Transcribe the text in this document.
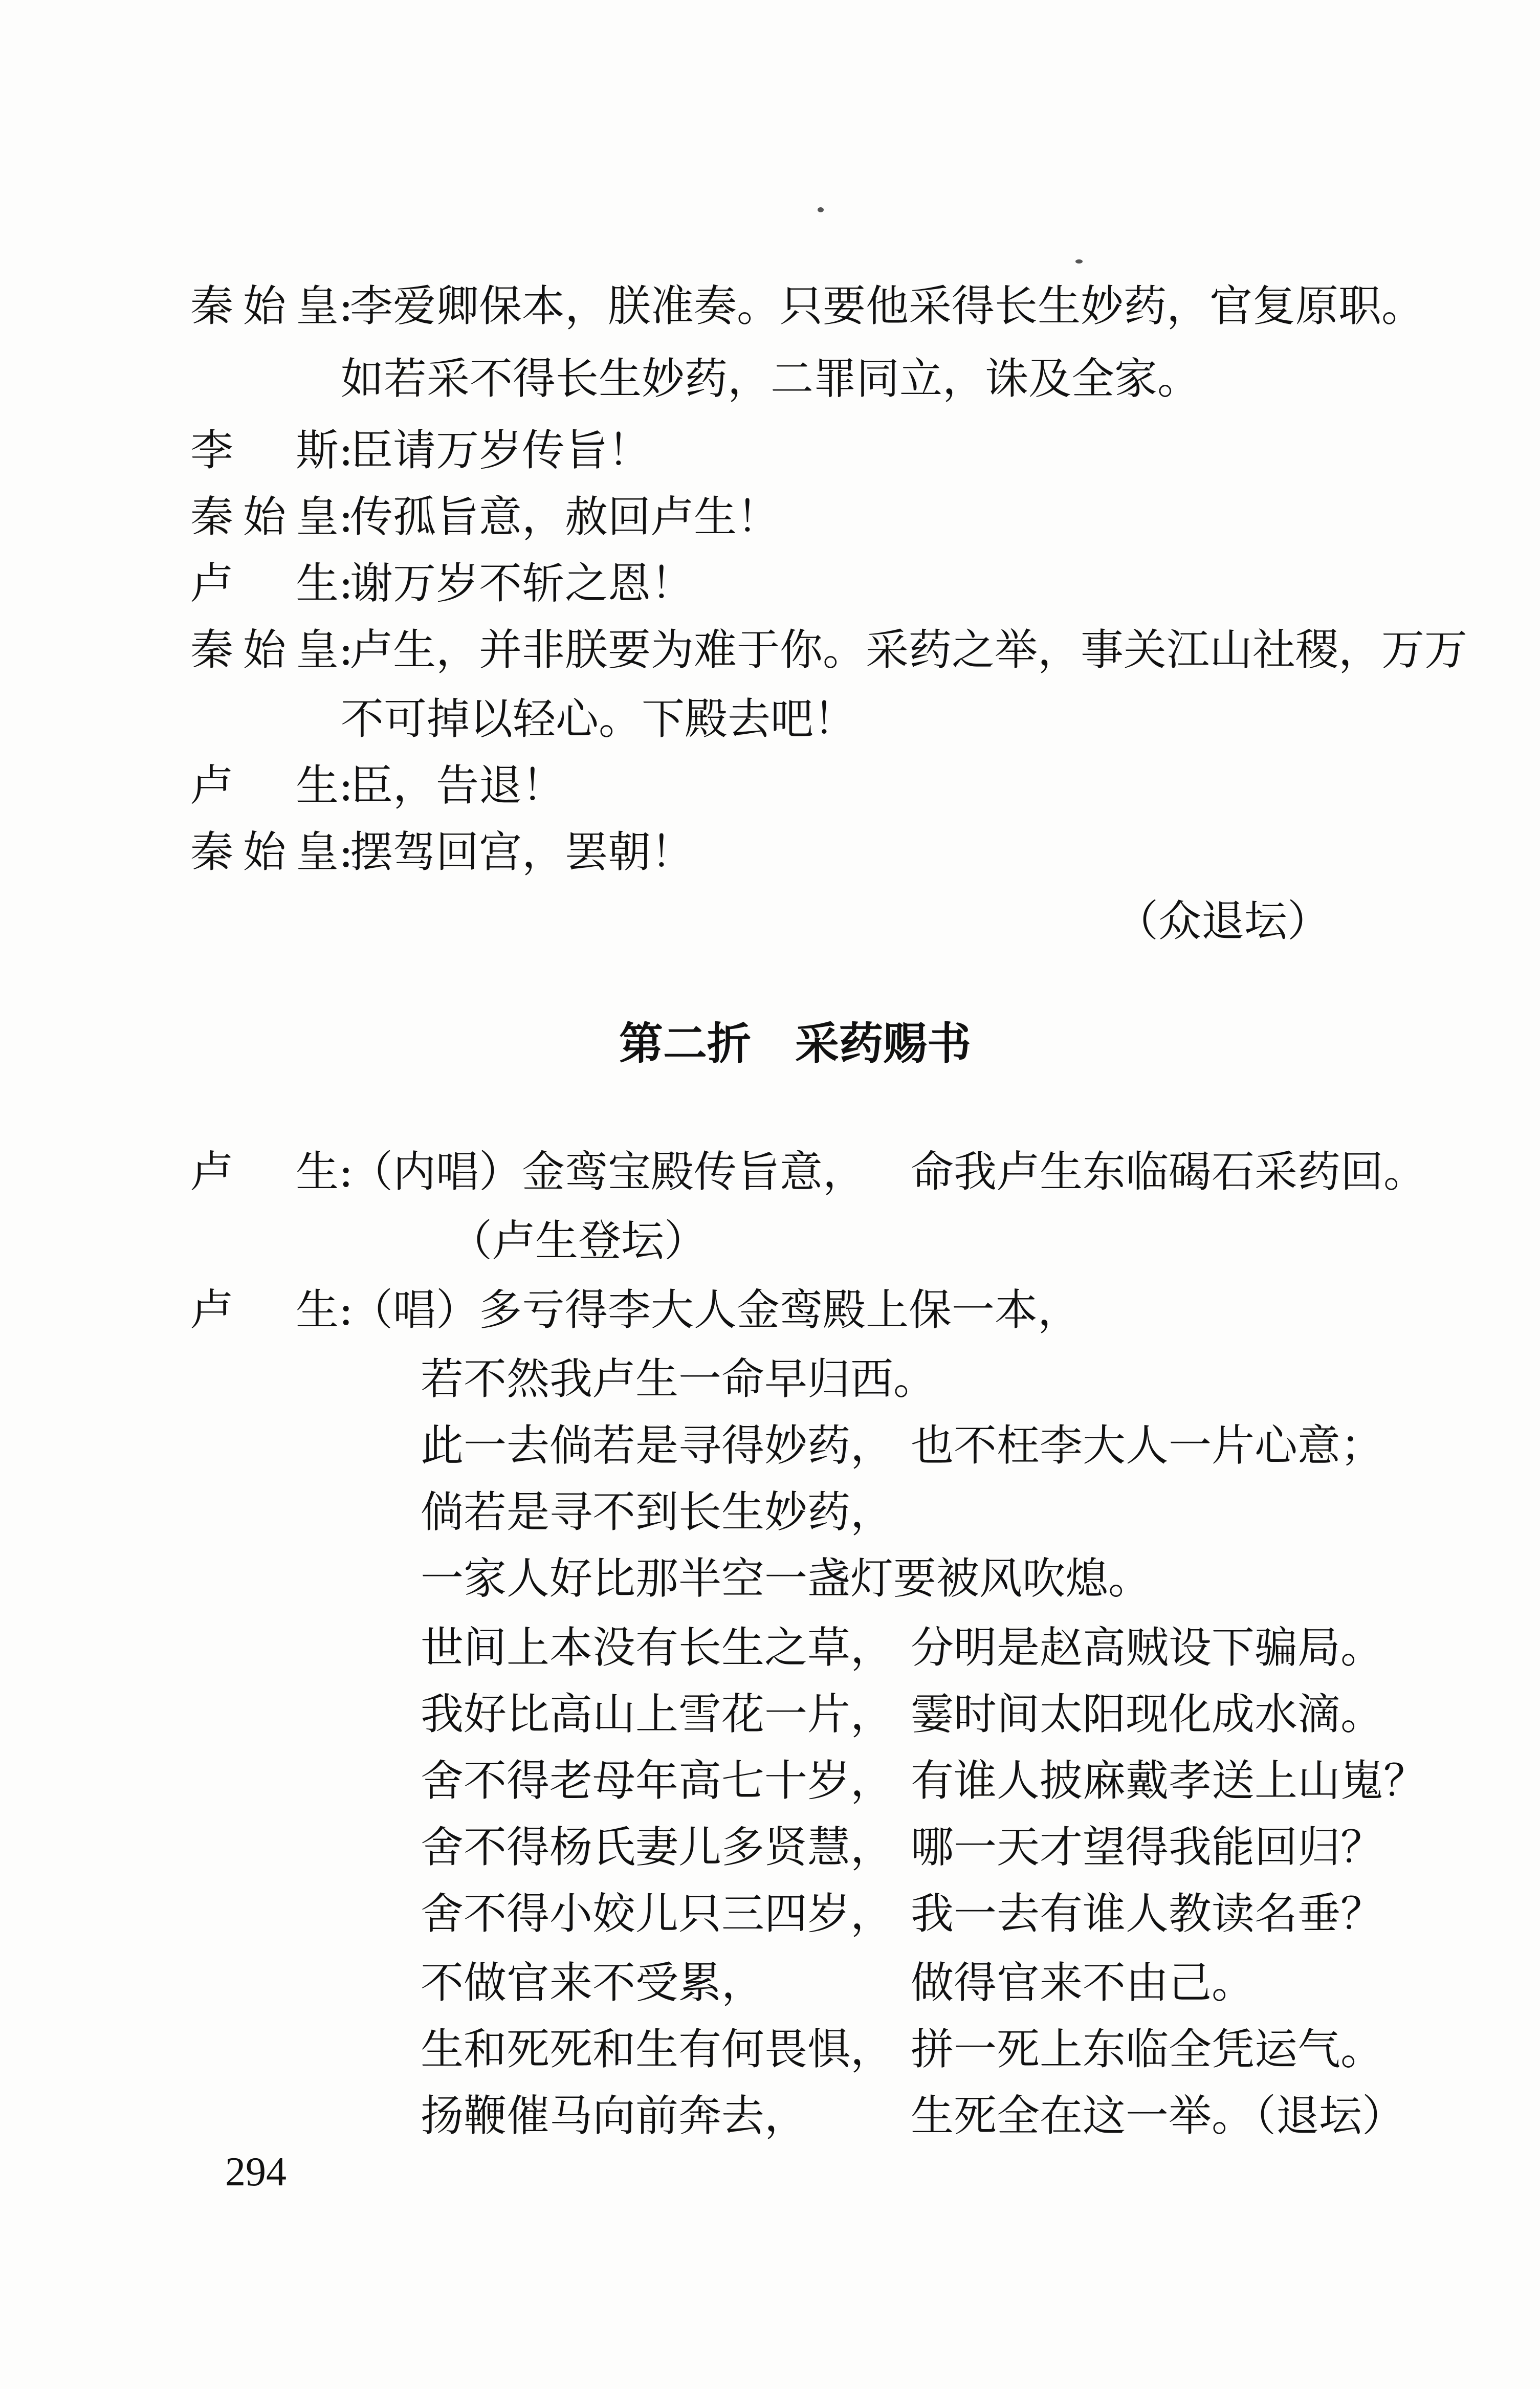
秦始皇:李爱卿保本，朕准奏。只要他采得长生妙药，官复原职。
如若采不得长生妙药，二罪同立，诛及全家。
李　斯:臣请万岁传旨！
秦始皇:传孤旨意，赦回卢生！
卢　生:谢万岁不斩之恩！
秦始皇:卢生，并非朕要为难于你。采药之举，事关江山社稷，万万
不可掉以轻心。下殿去吧！
卢　生:臣，告退！
秦始皇:摆驾回宫，罢朝！
（众退坛）
第二折　采药赐书
卢　生:（内唱）金鸾宝殿传旨意， 命我卢生东临碣石采药回。
（卢生登坛）
卢　生:（唱）多亏得李大人金鸾殿上保一本，
若不然我卢生一命早归西。
此一去倘若是寻得妙药， 也不枉李大人一片心意；
倘若是寻不到长生妙药，
一家人好比那半空一盏灯要被风吹熄。
世间上本没有长生之草， 分明是赵高贼设下骗局。
我好比高山上雪花一片， 霎时间太阳现化成水滴。
舍不得老母年高七十岁， 有谁人披麻戴孝送上山嵬？
舍不得杨氏妻儿多贤慧， 哪一天才望得我能回归？
舍不得小姣儿只三四岁， 我一去有谁人教读名垂？
不做官来不受累，	做得官来不由己。
生和死死和生有何畏惧， 拼一死上东临全凭运气。
扬鞭催马向前奔去， 生死全在这一举。（退坛）
294
